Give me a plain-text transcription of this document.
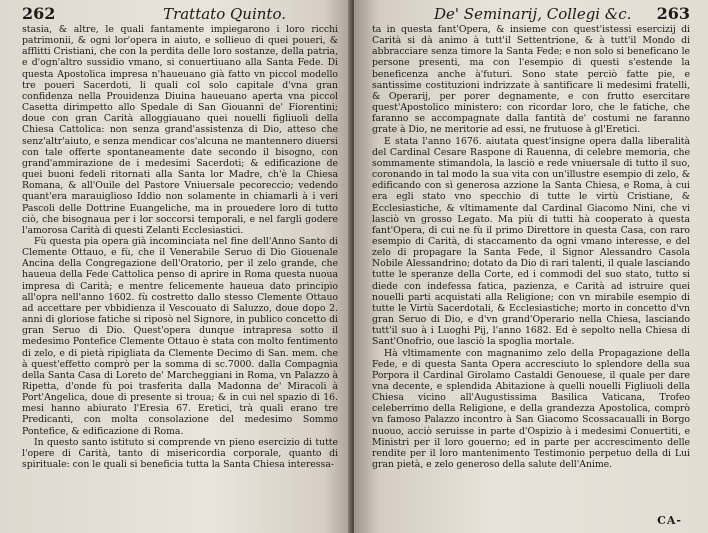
262	Trattato Quinto.

stasia, & altre, le quali fantamente impiegarono i loro ricchi patrimonii, & ogni lor'opera in aiuto, e sollieuo di quei poueri, & afflitti Cristiani, che con la perdita delle loro sostanze, della patria, e d'ogn'altro sussidio vmano, si conuertiuano alla Santa Fede. Di questa Apostolica impresa n'haueuano già fatto vn piccol modello tre poueri Sacerdoti, li quali col solo capitale d'vna gran confidenza nella Prouidenza Diuina haueuano aperta vna piccol Casetta dirimpetto allo Spedale di San Giouanni de' Fiorentini; doue con gran Carità alloggiauano quei nouelli figliuoli della Chiesa Cattolica: non senza grand'assistenza di Dio, atteso che senz'altr'aiuto, e senza mendicar cos'alcuna ne mantennero diuersi con tale offerte spontaneamente date secondo il bisogno, con grand'ammirazione de i medesimi Sacerdoti; & edificazione de quei buoni fedeli ritornati alla Santa lor Madre, ch'è la Chiesa Romana, & all'Ouile del Pastore Vniuersale pecoreccio; vedendo quant'era marauiglioso Iddio non solamente in chiamarli à i veri Pascoli delle Dottrine Euangeliche, ma in prouedere loro di tutto ciò, che bisognaua per i lor soccorsi temporali, e nel fargli godere l'amorosa Carità di questi Zelanti Ecclesiastici.

Fù questa pia opera già incominciata nel fine dell'Anno Santo di Clemente Ottauo, e fù, che il Venerabile Seruo di Dio Giouenale Ancina della Congregazione dell'Oratorio, per il zelo grande, che haueua della Fede Cattolica penso di aprire in Roma questa nuoua impresa di Carità; e mentre felicemente haueua dato principio all'opra nell'anno 1602. fù costretto dallo stesso Clemente Ottauo ad accettare per vbbidienza il Vescouato di Saluzzo, doue dopo 2. anni di gloriose fatiche si riposò nel Signore, in publico concetto di gran Seruo di Dio. Quest'opera dunque intrapresa sotto il medesimo Pontefice Clemente Ottauo è stata con molto fentimento di zelo, e di pietà ripigliata da Clemente Decimo di San. mem. che à quest'effetto comprò per la somma di sc.7000. dalla Compagnia della Santa Casa di Loreto de' Marcheggiani in Roma, vn Palazzo à Ripetta, d'onde fù poi trasferita dalla Madonna de' Miracoli à Port'Angelica, doue di presente si troua; & in cui nel spazio di 16. mesi hanno abiurato l'Eresia 67. Eretici, trà quali erano tre Predicanti, con molta consolazione del medesimo Sommo Pontefice, & edificazione di Roma.

In questo santo istituto si comprende vn pieno esercizio di tutte l'opere di Carità, tanto di misericordia corporale, quanto di spirituale: con le quali si beneficia tutta la Santa Chiesa interessa-

De' Seminarij, Collegi &c. 263

ta in questa fant'Opera, & insieme con quest'istessi esercizij di Carità si dà animo à tutt'il Settentrione, & à tutt'il Mondo di abbracciare senza timore la Santa Fede; e non solo si beneficano le persone presenti, ma con l'esempio di questi s'estende la beneficenza anche à'futuri. Sono state perciò fatte pie, e santissime costituzioni indrizzate à santificare li medesimi fratelli, & Operarij, per porer degnamente, e con frutto esercitare quest'Apostolico ministero: con ricordar loro, che le fatiche, che faranno se accompagnate dalla fantità de' costumi ne faranno grate à Dio, ne meritorie ad essi, ne frutuose à gl'Eretici.

E stata l'anno 1676. aiutata quest'insigne opera dalla liberalità del Cardinal Cesare Raspone di Rauenna, di celebre memoria, che sommamente stimandola, la lasciò e rede vniuersale di tutto il suo, coronando in tal modo la sua vita con un'illustre esempio di zelo, & edificando con sì generosa azzione la Santa Chiesa, e Roma, à cui era egli stato vno specchio di tutte le virtù Cristiane, & Ecclesiastiche, & vltimamente dal Cardinal Giacomo Nini, che vi lasciò vn grosso Legato. Ma più di tutti hà cooperato à questa fant'Opera, di cui ne fù il primo Direttore in questa Casa, con raro esempio di Carità, di staccamento da ogni vmano interesse, e del zelo di propagare la Santa Fede, il Signor Alessandro Casola Nobile Alessandrino; dotato da Dio di rari talenti, il quale lasciando tutte le speranze della Corte, ed i commodi del suo stato, tutto si diede con indefessa fatica, pazienza, e Carità ad istruire quei nouelli parti acquistati alla Religione; con vn mirabile esempio di tutte le Virtù Sacerdotali, & Ecclesiastiche; morto in concetto d'vn gran Seruo di Dio, e d'vn grand'Operario nella Chiesa, lasciando tutt'il suo à i Luoghi Pij, l'anno 1682. Ed è sepolto nella Chiesa di Sant'Onofrio, oue lasciò la spoglia mortale.

Hà vltimamente con magnanimo zelo della Propagazione della Fede, e di questa Santa Opera accresciuto lo splendore della sua Porpora il Cardinal Girolamo Castaldi Genouese, il quale per dare vna decente, e splendida Abitazione à quelli nouelli Figliuoli della Chiesa vicino all'Augustissima Basilica Vaticana, Trofeo celeberrimo della Religione, e della grandezza Apostolica, comprò vn famoso Palazzo incontro à San Giacomo Scossacaualli in Borgo nuouo, acciò seruisse in parte d'Ospizio à i medesimi Conuertiti, e Ministri per il loro gouerno; ed in parte per accrescimento delle rendite per il loro mantenimento Testimonio perpetuo della di Lui gran pietà, e zelo generoso della salute dell'Anime.

CA-
